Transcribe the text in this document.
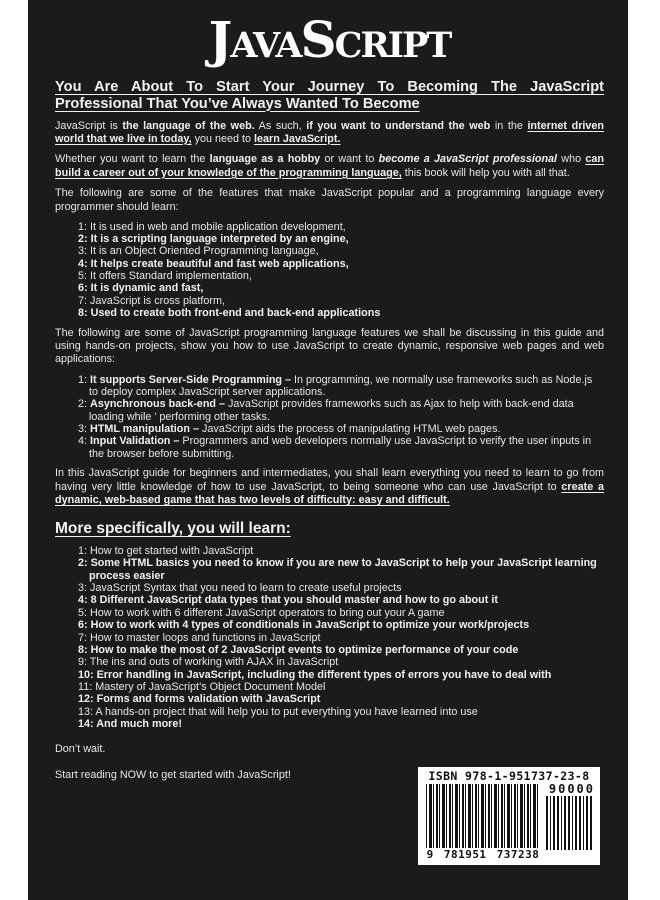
JavaScript
You Are About To Start Your Journey To Becoming The JavaScript Professional That You’ve Always Wanted To Become

JavaScript is the language of the web. As such, if you want to understand the web in the internet driven world that we live in today, you need to learn JavaScript.

Whether you want to learn the language as a hobby or want to become a JavaScript professional who can build a career out of your knowledge of the programming language, this book will help you with all that.

The following are some of the features that make JavaScript popular and a programming language every programmer should learn:

1: It is used in web and mobile application development,
2: It is a scripting language interpreted by an engine,
3: It is an Object Oriented Programming language,
4: It helps create beautiful and fast web applications,
5: It offers Standard implementation,
6: It is dynamic and fast,
7: JavaScript is cross platform,
8: Used to create both front-end and back-end applications

The following are some of JavaScript programming language features we shall be discussing in this guide and using hands-on projects, show you how to use JavaScript to create dynamic, responsive web pages and web applications:

1: It supports Server-Side Programming – In programming, we normally use frameworks such as Node.js to deploy complex JavaScript server applications.
2: Asynchronous back-end – JavaScript provides frameworks such as Ajax to help with back-end data loading while ’ performing other tasks.
3: HTML manipulation – JavaScript aids the process of manipulating HTML web pages.
4: Input Validation – Programmers and web developers normally use JavaScript to verify the user inputs in the browser before submitting.

In this JavaScript guide for beginners and intermediates, you shall learn everything you need to learn to go from having very little knowledge of how to use JavaScript, to being someone who can use JavaScript to create a dynamic, web-based game that has two levels of difficulty: easy and difficult.

More specifically, you will learn:
1: How to get started with JavaScript
2: Some HTML basics you need to know if you are new to JavaScript to help your JavaScript learning process easier
3: JavaScript Syntax that you need to learn to create useful projects
4: 8 Different JavaScript data types that you should master and how to go about it
5: How to work with 6 different JavaScript operators to bring out your A game
6: How to work with 4 types of conditionals in JavaScript to optimize your work/projects
7: How to master loops and functions in JavaScript
8: How to make the most of 2 JavaScript events to optimize performance of your code
9: The ins and outs of working with AJAX in JavaScript
10: Error handling in JavaScript, including the different types of errors you have to deal with
11: Mastery of JavaScript’s Object Document Model
12: Forms and forms validation with JavaScript
13: A hands-on project that will help you to put everything you have learned into use
14: And much more!

Don’t wait.

Start reading NOW to get started with JavaScript!	ISBN 978-1-951737-23-8
90000
9 781951 737238
